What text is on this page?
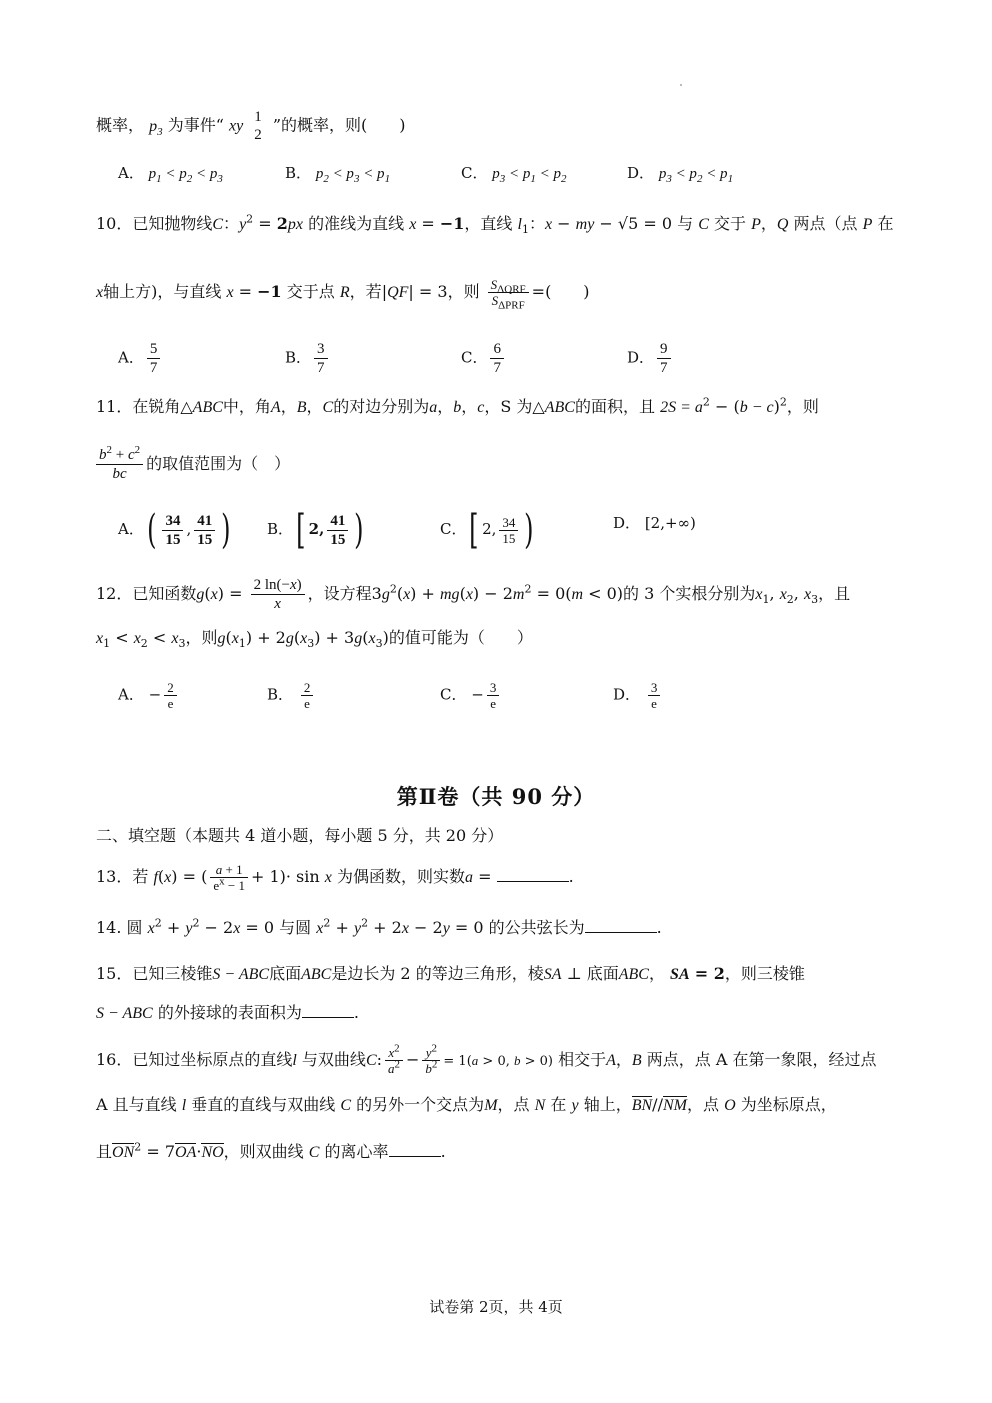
概率， $p_3$ 为事件“ xy
1
2
”的概率，则(　　)
A． $p_1 < p_2 < p_3$	B． $p_2 < p_3 < p_1$	C． $p_3 < p_1 < p_2$	D． $p_3 < p_2 < p_1$
10．已知抛物线C：$y^2 = 2px$ 的准线为直线 x = −1，直线 $l_1$：x − my − √5 = 0 与 C 交于 P，Q 两点（点 P 在
x轴上方)，与直线 x = −1 交于点 R，若|QF| = 3，则 $\frac{S_{\Delta QRF}}{S_{\Delta PRF}}$ =(　　)
A． $\frac{5}{7}$	B． $\frac{3}{7}$	C． $\frac{6}{7}$	D． $\frac{9}{7}$
11．在锐角△ABC中，角A，B，C的对边分别为a，b，c，S 为△ABC的面积，且 $2S = a^2 - (b - c)^2$，则
$\frac{b^2 + c^2}{bc}$ 的取值范围为（　）
A．( $\frac{34}{15}$ , $\frac{41}{15}$ ) B．[ 2, $\frac{41}{15}$ )	C．[ 2, $\frac{34}{15}$ )	D． [2,+∞)
12．已知函数$g(x) = \frac{2 \ln(-x)}{x}$ ，设方程$3g^2(x) + mg(x) - 2m^2 = 0(m < 0)$的 3 个实根分别为$x_1$, $x_2$, $x_3$，且
$x_1 < x_2 < x_3$，则$g(x_1) + 2g(x_3) + 3g(x_3)$的值可能为（　　）
A． − $\frac{2}{e}$	B． $\frac{2}{e}$	C． − $\frac{3}{e}$	D． $\frac{3}{e}$
第Ⅱ卷（共 90 分）
二、填空题（本题共 4 道小题，每小题 5 分，共 20 分）
13．若 f(x) = ( $\frac{a + 1}{e^x - 1} + 1)\cdot \sin x$ 为偶函数，则实数a =	.
14. 圆 $x^2 + y^2 - 2x = 0$ 与圆 $x^2 + y^2 + 2x - 2y = 0$ 的公共弦长为	.
15．已知三棱锥S − ABC底面ABC是边长为 2 的等边三角形，棱SA ⊥ 底面ABC， SA = 2，则三棱锥
S − ABC 的外接球的表面积为	.
16．已知过坐标原点的直线l 与双曲线C: $\frac{x^2}{a^2} - \frac{y^2}{b^2} = 1(a > 0$, b > 0) 相交于A，B 两点，点 A 在第一象限，经过点
A 且与直线 l 垂直的直线与双曲线 C 的另外一个交点为M，点 N 在 y 轴上，BN//NM，点 O 为坐标原点，
且$ON^2 = 7OA\cdot NO$，则双曲线 C 的离心率	.
试卷第 2页，共 4页
